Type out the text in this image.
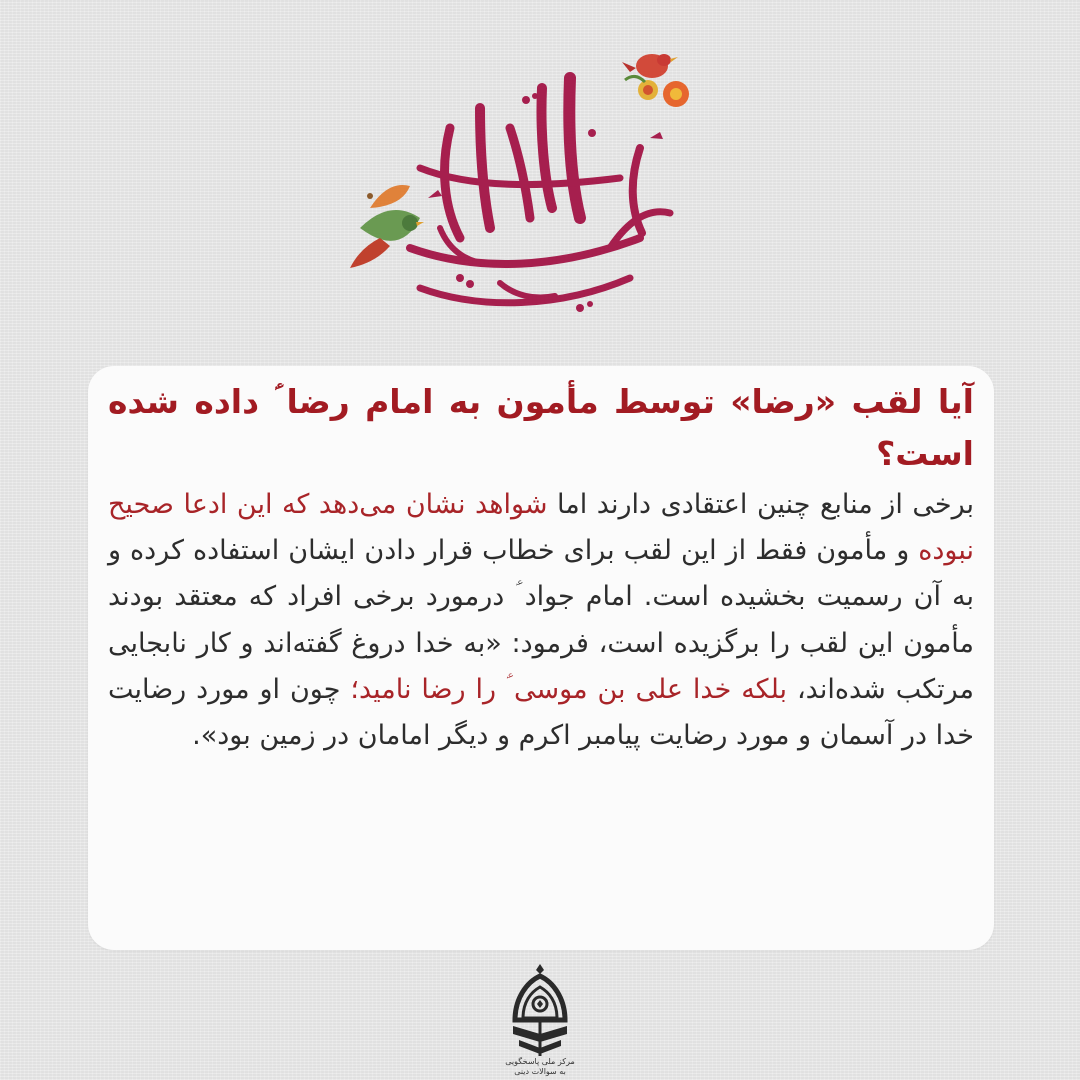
آیا لقب «رضا» توسط مأمون به امام رضا ؑ داده شده است؟

برخی از منابع چنین اعتقادی دارند اما شواهد نشان می‌دهد که این ادعا صحیح نبوده و مأمون فقط از این لقب برای خطاب قرار دادن ایشان استفاده کرده و به آن رسمیت بخشیده است. امام جواد ؑ درمورد برخی افراد که معتقد بودند مأمون این لقب را برگزیده است، فرمود: «به خدا دروغ گفته‌اند و کار نابجایی مرتکب شده‌اند، بلکه خدا علی بن موسی ؑ را رضا نامید؛ چون او مورد رضایت خدا در آسمان و مورد رضایت پیامبر اکرم و دیگر امامان در زمین بود».

مرکز ملی پاسخگویی به سوالات دینی
